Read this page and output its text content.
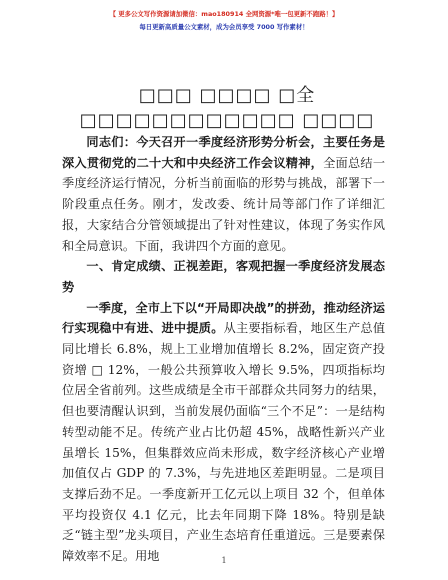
【 更多公文写作资源请加微信：mao180914 全网资源*唯一包更新不跑路！】
每日更新高质量公文素材，成为会员享受 7000 写作素材！
□□□ □□□□ □全□□□□□□□□□□□□ □□□□

同志们：今天召开一季度经济形势分析会，主要任务是深入贯彻党的二十大和中央经济工作会议精神，全面总结一季度经济运行情况，分析当前面临的形势与挑战，部署下一阶段重点任务。刚才，发改委、统计局等部门作了详细汇报，大家结合分管领域提出了针对性建议，体现了务实作风和全局意识。下面，我讲四个方面的意见。

一、肯定成绩、正视差距，客观把握一季度经济发展态势

一季度，全市上下以“开局即决战”的拼劲，推动经济运行实现稳中有进、进中提质。从主要指标看，地区生产总值同比增长 6.8%，规上工业增加值增长 8.2%，固定资产投资增 □ 12%，一般公共预算收入增长 9.5%，四项指标均位居全省前列。这些成绩是全市干部群众共同努力的结果，但也要清醒认识到，当前发展仍面临“三个不足”：一是结构转型动能不足。传统产业占比仍超 45%，战略性新兴产业虽增长 15%，但集群效应尚未形成，数字经济核心产业增加值仅占 GDP 的 7.3%，与先进地区差距明显。二是项目支撑后劲不足。一季度新开工亿元以上项目 32 个，但单体平均投资仅 4.1 亿元，比去年同期下降 18%。特别是缺乏“链主型”龙头项目，产业生态培育任重道远。三是要素保障效率不足。用地	1
